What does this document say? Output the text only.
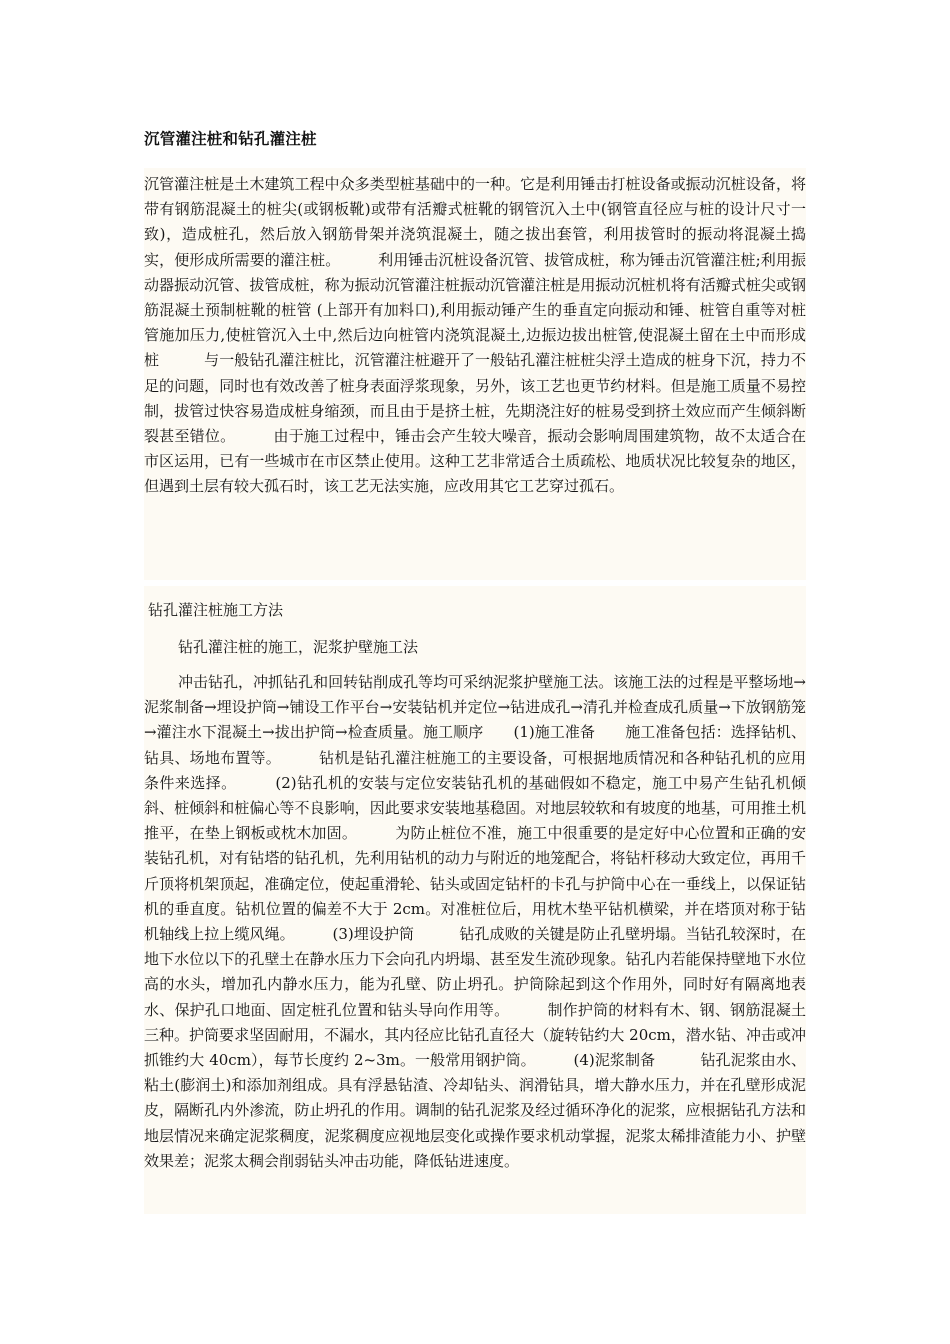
沉管灌注桩和钻孔灌注桩

沉管灌注桩是土木建筑工程中众多类型桩基础中的一种。它是利用锤击打桩设备或振动沉桩设备，将带有钢筋混凝土的桩尖(或钢板靴)或带有活瓣式桩靴的钢管沉入土中(钢管直径应与桩的设计尺寸一致)，造成桩孔，然后放入钢筋骨架并浇筑混凝土，随之拔出套管，利用拔管时的振动将混凝土捣实，便形成所需要的灌注桩。　　　利用锤击沉桩设备沉管、拔管成桩，称为锤击沉管灌注桩;利用振动器振动沉管、拔管成桩，称为振动沉管灌注桩振动沉管灌注桩是用振动沉桩机将有活瓣式桩尖或钢筋混凝土预制桩靴的桩管 (上部开有加料口),利用振动锤产生的垂直定向振动和锤、桩管自重等对桩管施加压力,使桩管沉入土中,然后边向桩管内浇筑混凝土,边振边拔出桩管,使混凝土留在土中而形成桩　　　与一般钻孔灌注桩比，沉管灌注桩避开了一般钻孔灌注桩桩尖浮土造成的桩身下沉，持力不足的问题，同时也有效改善了桩身表面浮浆现象，另外，该工艺也更节约材料。但是施工质量不易控制，拔管过快容易造成桩身缩颈，而且由于是挤土桩，先期浇注好的桩易受到挤土效应而产生倾斜断裂甚至错位。　　　由于施工过程中，锤击会产生较大噪音，振动会影响周围建筑物，故不太适合在市区运用，已有一些城市在市区禁止使用。这种工艺非常适合土质疏松、地质状况比较复杂的地区，但遇到土层有较大孤石时，该工艺无法实施，应改用其它工艺穿过孤石。

钻孔灌注桩施工方法
钻孔灌注桩的施工，泥浆护壁施工法

冲击钻孔，冲抓钻孔和回转钻削成孔等均可采纳泥浆护壁施工法。该施工法的过程是平整场地→泥浆制备→埋设护筒→铺设工作平台→安装钻机并定位→钻进成孔→清孔并检查成孔质量→下放钢筋笼→灌注水下混凝土→拔出护筒→检查质量。施工顺序　　(1)施工准备　　施工准备包括：选择钻机、钻具、场地布置等。　　　钻机是钻孔灌注桩施工的主要设备，可根据地质情况和各种钻孔机的应用条件来选择。　　　(2)钻孔机的安装与定位安装钻孔机的基础假如不稳定，施工中易产生钻孔机倾斜、桩倾斜和桩偏心等不良影响，因此要求安装地基稳固。对地层较软和有坡度的地基，可用推土机推平，在垫上钢板或枕木加固。　　　为防止桩位不准，施工中很重要的是定好中心位置和正确的安装钻孔机，对有钻塔的钻孔机，先利用钻机的动力与附近的地笼配合，将钻杆移动大致定位，再用千斤顶将机架顶起，准确定位，使起重滑轮、钻头或固定钻杆的卡孔与护筒中心在一垂线上，以保证钻机的垂直度。钻机位置的偏差不大于 2cm。对准桩位后，用枕木垫平钻机横梁，并在塔顶对称于钻机轴线上拉上缆风绳。　　　(3)埋设护筒　　　钻孔成败的关键是防止孔壁坍塌。当钻孔较深时，在地下水位以下的孔壁土在静水压力下会向孔内坍塌、甚至发生流砂现象。钻孔内若能保持壁地下水位高的水头，增加孔内静水压力，能为孔壁、防止坍孔。护筒除起到这个作用外，同时好有隔离地表水、保护孔口地面、固定桩孔位置和钻头导向作用等。　　　制作护筒的材料有木、钢、钢筋混凝土三种。护筒要求坚固耐用，不漏水，其内径应比钻孔直径大（旋转钻约大 20cm，潜水钻、冲击或冲抓锥约大 40cm），每节长度约 2~3m。一般常用钢护筒。　　　(4)泥浆制备　　　钻孔泥浆由水、粘土(膨润土)和添加剂组成。具有浮悬钻渣、冷却钻头、润滑钻具，增大静水压力，并在孔壁形成泥皮，隔断孔内外渗流，防止坍孔的作用。调制的钻孔泥浆及经过循环净化的泥浆，应根据钻孔方法和地层情况来确定泥浆稠度，泥浆稠度应视地层变化或操作要求机动掌握，泥浆太稀排渣能力小、护壁效果差；泥浆太稠会削弱钻头冲击功能，降低钻进速度。
